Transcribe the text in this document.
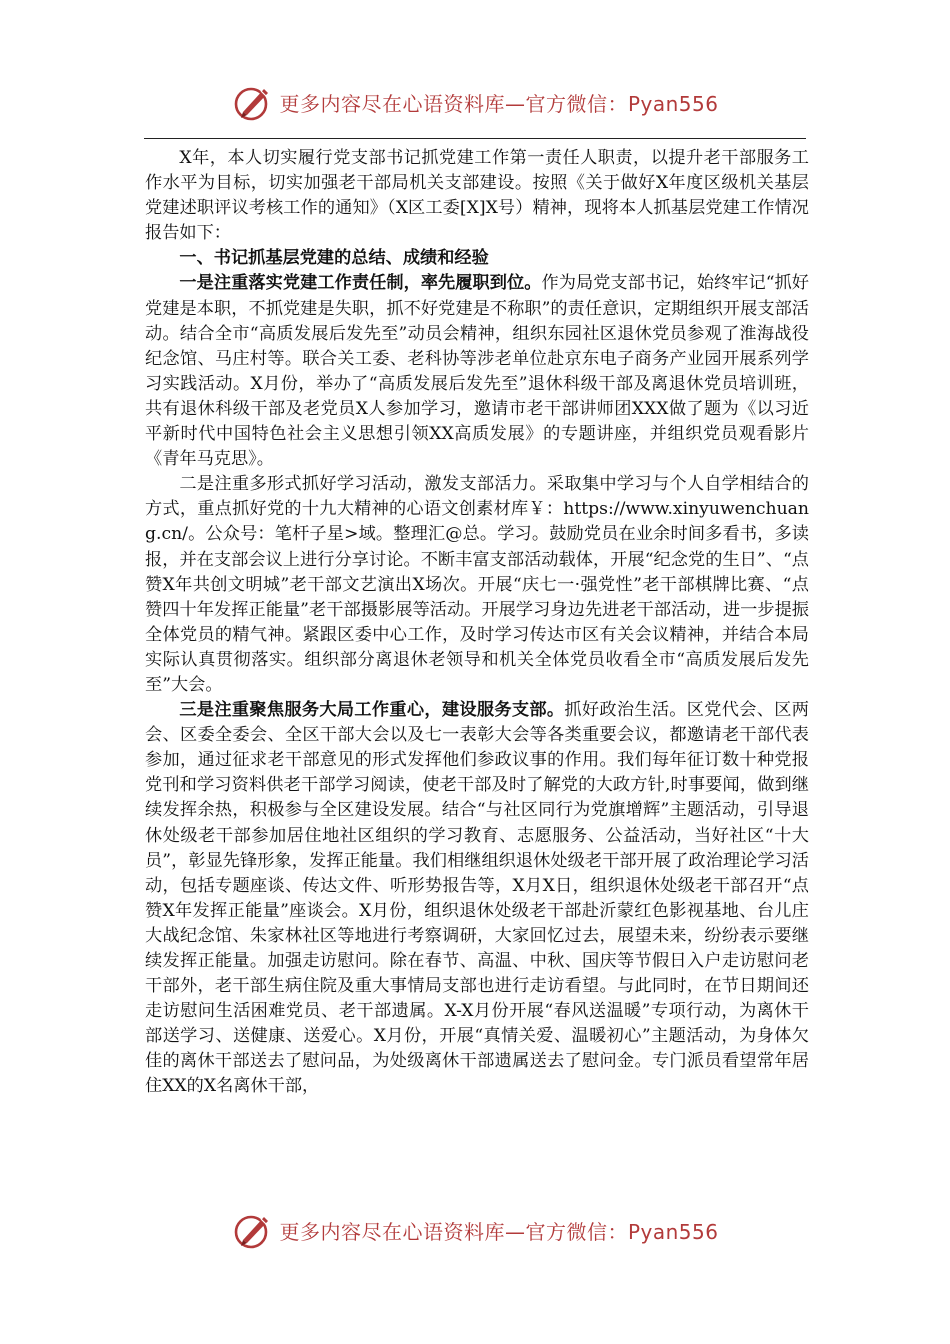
更多内容尽在心语资料库—官方微信：Pyan556

X年，本人切实履行党支部书记抓党建工作第一责任人职责，以提升老干部服务工作水平为目标，切实加强老干部局机关支部建设。按照《关于做好X年度区级机关基层党建述职评议考核工作的通知》（X区工委[X]X号）精神，现将本人抓基层党建工作情况报告如下：

一、书记抓基层党建的总结、成绩和经验

一是注重落实党建工作责任制，率先履职到位。作为局党支部书记，始终牢记“抓好党建是本职，不抓党建是失职，抓不好党建是不称职”的责任意识，定期组织开展支部活动。结合全市“高质发展后发先至”动员会精神，组织东园社区退休党员参观了淮海战役纪念馆、马庄村等。联合关工委、老科协等涉老单位赴京东电子商务产业园开展系列学习实践活动。X月份，举办了“高质发展后发先至”退休科级干部及离退休党员培训班，共有退休科级干部及老党员X人参加学习，邀请市老干部讲师团XXX做了题为《以习近平新时代中国特色社会主义思想引领XX高质发展》的专题讲座，并组织党员观看影片《青年马克思》。

二是注重多形式抓好学习活动，激发支部活力。采取集中学习与个人自学相结合的方式，重点抓好党的十九大精神的心语文创素材库￥：https://www.xinyuwenchuang.cn/。公众号：笔杆子星>域。整理汇@总。学习。鼓励党员在业余时间多看书，多读报，并在支部会议上进行分享讨论。不断丰富支部活动载体，开展“纪念党的生日”、“点赞X年共创文明城”老干部文艺演出X场次。开展“庆七一·强党性”老干部棋牌比赛、“点赞四十年发挥正能量”老干部摄影展等活动。开展学习身边先进老干部活动，进一步提振全体党员的精气神。紧跟区委中心工作，及时学习传达市区有关会议精神，并结合本局实际认真贯彻落实。组织部分离退休老领导和机关全体党员收看全市“高质发展后发先至”大会。

三是注重聚焦服务大局工作重心，建设服务支部。抓好政治生活。区党代会、区两会、区委全委会、全区干部大会以及七一表彰大会等各类重要会议，都邀请老干部代表参加，通过征求老干部意见的形式发挥他们参政议事的作用。我们每年征订数十种党报党刊和学习资料供老干部学习阅读，使老干部及时了解党的大政方针,时事要闻，做到继续发挥余热，积极参与全区建设发展。结合“与社区同行为党旗增辉”主题活动，引导退休处级老干部参加居住地社区组织的学习教育、志愿服务、公益活动，当好社区“十大员”，彰显先锋形象，发挥正能量。我们相继组织退休处级老干部开展了政治理论学习活动，包括专题座谈、传达文件、听形势报告等，X月X日，组织退休处级老干部召开“点赞X年发挥正能量”座谈会。X月份，组织退休处级老干部赴沂蒙红色影视基地、台儿庄大战纪念馆、朱家林社区等地进行考察调研，大家回忆过去，展望未来，纷纷表示要继续发挥正能量。加强走访慰问。除在春节、高温、中秋、国庆等节假日入户走访慰问老干部外，老干部生病住院及重大事情局支部也进行走访看望。与此同时，在节日期间还走访慰问生活困难党员、老干部遗属。X-X月份开展“春风送温暖”专项行动，为离休干部送学习、送健康、送爱心。X月份，开展“真情关爱、温暖初心”主题活动，为身体欠佳的离休干部送去了慰问品，为处级离休干部遗属送去了慰问金。专门派员看望常年居住XX的X名离休干部，

更多内容尽在心语资料库—官方微信：Pyan556
